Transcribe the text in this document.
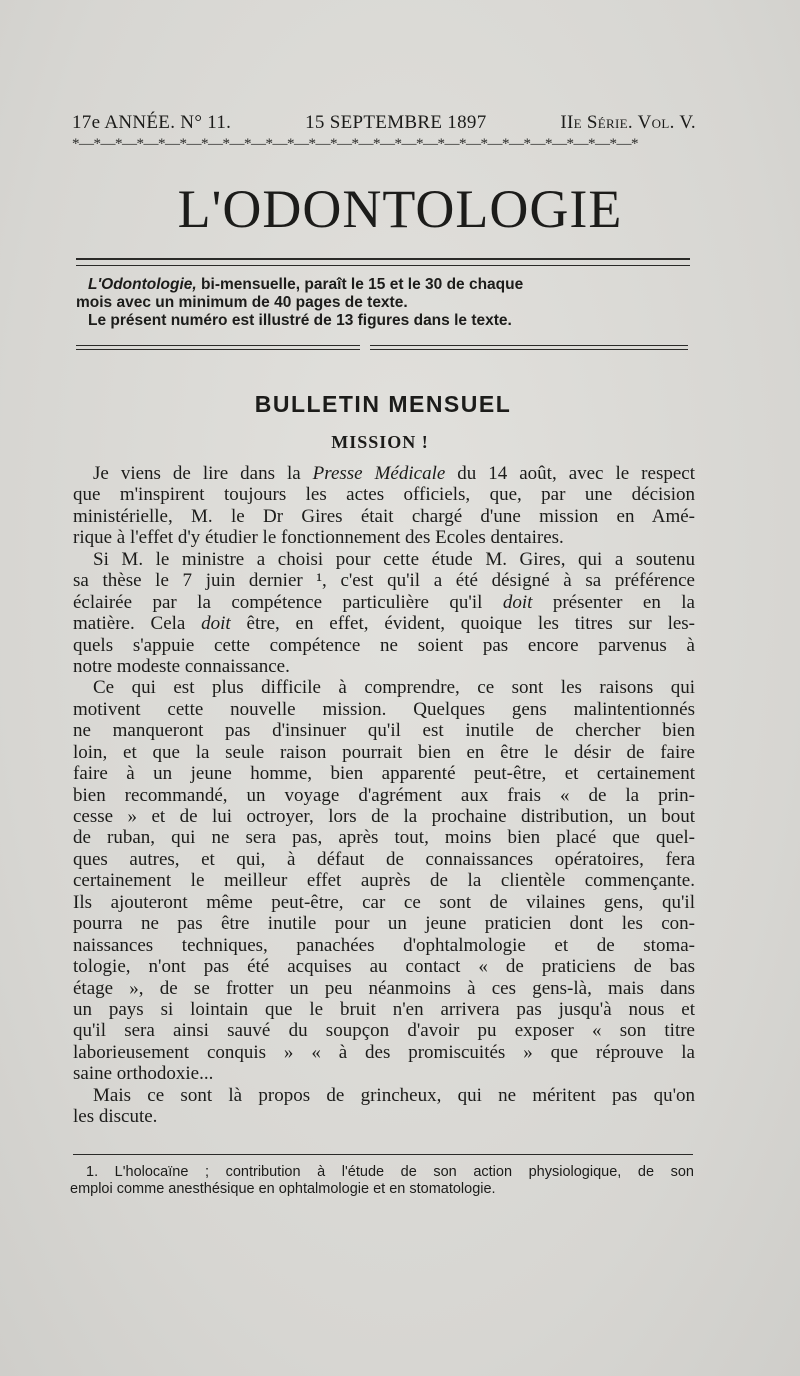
17e ANNÉE. N° 11.	15 SEPTEMBRE 1897	IIe Série. Vol. V.
*—*—*—*—*—*—*—*—*—*—*—*—*—*—*—*—*—*—*—*—*—*—*—*—*—*—*
L'ODONTOLOGIE

L'Odontologie, bi-mensuelle, paraît le 15 et le 30 de chaque

mois avec un minimum de 40 pages de texte.

Le présent numéro est illustré de 13 figures dans le texte.

BULLETIN MENSUEL
MISSION !
Je viens de lire dans la Presse Médicale du 14 août, avec le respect
que m'inspirent toujours les actes officiels, que, par une décision
ministérielle, M. le Dr Gires était chargé d'une mission en Amé-
rique à l'effet d'y étudier le fonctionnement des Ecoles dentaires.
Si M. le ministre a choisi pour cette étude M. Gires, qui a soutenu
sa thèse le 7 juin dernier ¹, c'est qu'il a été désigné à sa préférence
éclairée par la compétence particulière qu'il doit présenter en la
matière. Cela doit être, en effet, évident, quoique les titres sur les-
quels s'appuie cette compétence ne soient pas encore parvenus à
notre modeste connaissance.
Ce qui est plus difficile à comprendre, ce sont les raisons qui
motivent cette nouvelle mission. Quelques gens malintentionnés
ne manqueront pas d'insinuer qu'il est inutile de chercher bien
loin, et que la seule raison pourrait bien en être le désir de faire
faire à un jeune homme, bien apparenté peut-être, et certainement
bien recommandé, un voyage d'agrément aux frais « de la prin-
cesse » et de lui octroyer, lors de la prochaine distribution, un bout
de ruban, qui ne sera pas, après tout, moins bien placé que quel-
ques autres, et qui, à défaut de connaissances opératoires, fera
certainement le meilleur effet auprès de la clientèle commençante.
Ils ajouteront même peut-être, car ce sont de vilaines gens, qu'il
pourra ne pas être inutile pour un jeune praticien dont les con-
naissances techniques, panachées d'ophtalmologie et de stoma-
tologie, n'ont pas été acquises au contact « de praticiens de bas
étage », de se frotter un peu néanmoins à ces gens-là, mais dans
un pays si lointain que le bruit n'en arrivera pas jusqu'à nous et
qu'il sera ainsi sauvé du soupçon d'avoir pu exposer « son titre
laborieusement conquis » « à des promiscuités » que réprouve la
saine orthodoxie...
Mais ce sont là propos de grincheux, qui ne méritent pas qu'on
les discute.
1. L'holocaïne ; contribution à l'étude de son action physiologique, de son
emploi comme anesthésique en ophtalmologie et en stomatologie.
